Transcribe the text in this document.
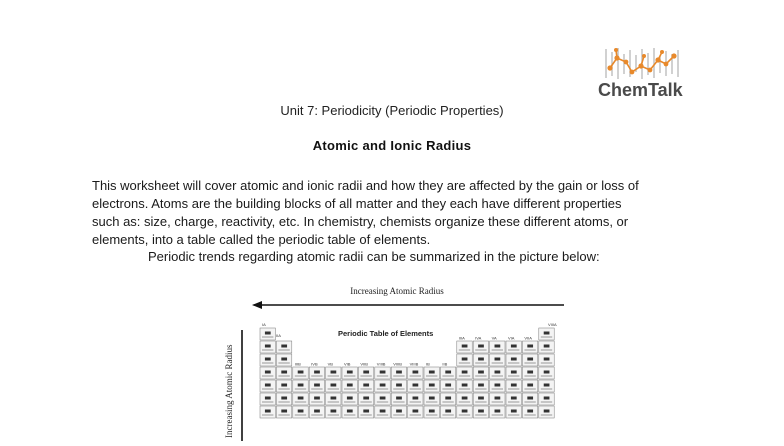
ChemTalk
Unit 7: Periodicity (Periodic Properties)
Atomic and Ionic Radius
This worksheet will cover atomic and ionic radii and how they are affected by the gain or loss of
electrons. Atoms are the building blocks of all matter and they each have different properties
such as: size, charge, reactivity, etc. In chemistry, chemists organize these different atoms, or
elements, into a table called the periodic table of elements.
Periodic trends regarding atomic radii can be summarized in the picture below:
Increasing Atomic Radius
Increasing Atomic Radius
IA
IIA
VIIIA
Periodic Table of Elements
IIIB	IVB VB	VIB VIIB VIIIB VIIIB VIIIB IB	IIB
IIIA	IVA	VA	VIA VIIA
